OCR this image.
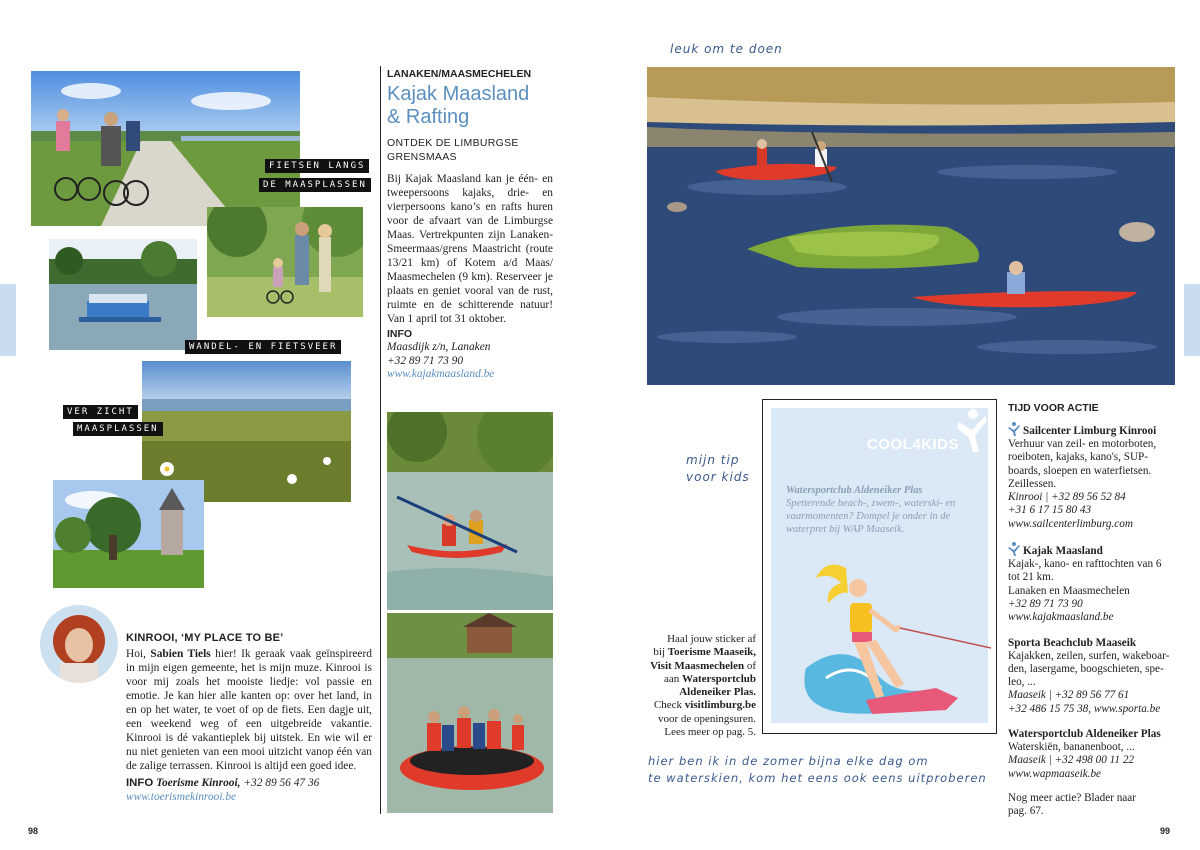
FIETSEN LANGS
DE MAASPLASSEN
WANDEL- EN FIETSVEER
VER ZICHT
MAASPLASSEN
KINROOI, ‘MY PLACE TO BE’

Hoi, Sabien Tiels hier! Ik geraak vaak geïnspireerd in mijn eigen gemeente, het is mijn muze. Kinrooi is voor mij zoals het mooiste liedje: vol passie en emotie. Je kan hier alle kanten op: over het land, in en op het water, te voet of op de fiets. Een dagje uit, een weekend weg of een uitgebreide vakantie. Kinrooi is dé vakantieplek bij uitstek. En wie wil er nu niet genieten van een mooi uitzicht vanop één van de zalige terrassen. Kinrooi is altijd een goed idee.

INFO Toerisme Kinrooi, +32 89 56 47 36
www.toerismekinrooi.be
98
LANAKEN/MAASMECHELEN
Kajak Maasland
& Rafting
ONTDEK DE LIMBURGSE
GRENSMAAS

Bij Kajak Maasland kan je één- en tweepersoons kajaks, drie- en vierpersoons kano’s en rafts huren voor de afvaart van de Limburgse Maas. Vertrekpunten zijn Lanaken-Smeermaas/grens Maastricht (route 13/21 km) of Kotem a/d Maas/ Maasmechelen (9 km). Reserveer je plaats en geniet vooral van de rust, ruimte en de schitterende natuur! Van 1 april tot 31 oktober.

INFO
Maasdijk z/n, Lanaken
+32 89 71 73 90
www.kajakmaasland.be
leuk om te doen
mijn tip
voor kids
Haal jouw sticker af
bij Toerisme Maaseik,
Visit Maasmechelen of
aan Watersportclub
Aldeneiker Plas.
Check visitlimburg.be
voor de openingsuren.
Lees meer op pag. 5.
COOL4KIDS
Watersportclub Aldeneiker Plas
Spetterende beach-, zwem-, waterski- en vaarmomenten? Dompel je onder in de waterpret bij WAP Maaseik.
hier ben ik in de zomer bijna elke dag om
te waterskien, kom het eens ook eens uitproberen
TIJD VOOR ACTIE
Sailcenter Limburg Kinrooi
Verhuur van zeil- en motorboten,
roeiboten, kajaks, kano's, SUP-
boards, sloepen en waterfietsen.
Zeillessen.
Kinrooi | +32 89 56 52 84
+31 6 17 15 80 43
www.sailcenterlimburg.com
Kajak Maasland
Kajak-, kano- en rafttochten van 6
tot 21 km.
Lanaken en Maasmechelen
+32 89 71 73 90
www.kajakmaasland.be
Sporta Beachclub Maaseik
Kajakken, zeilen, surfen, wakeboar-
den, lasergame, boogschieten, spe-
leo, ...
Maaseik | +32 89 56 77 61
+32 486 15 75 38, www.sporta.be
Watersportclub Aldeneiker Plas
Waterskiën, bananenboot, ...
Maaseik | +32 498 00 11 22
www.wapmaaseik.be
Nog meer actie? Blader naar
pag. 67.
99
